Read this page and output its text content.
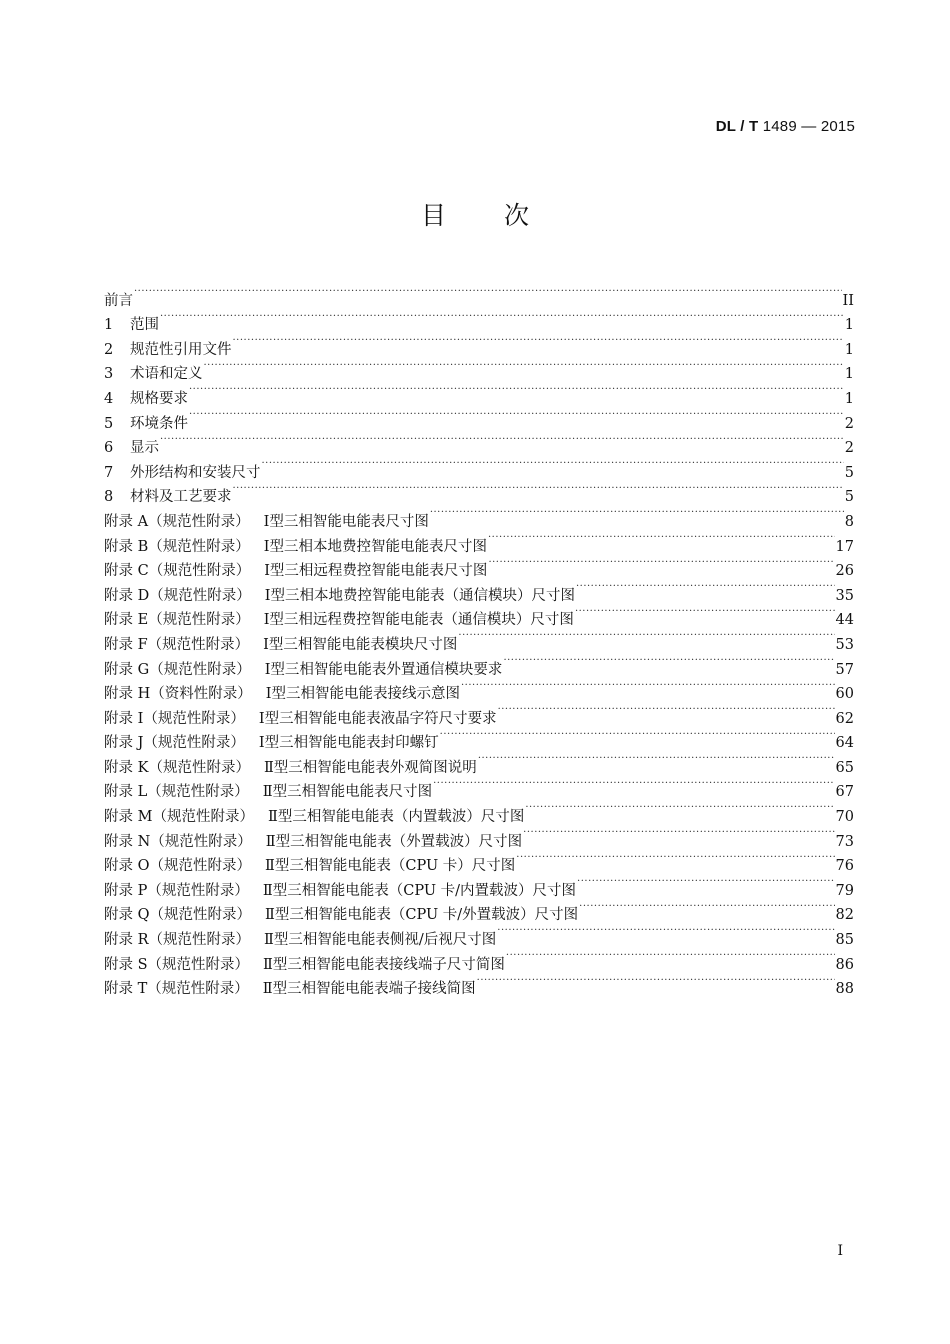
DL / T 1489 — 2015
目次
前言 ·····	II
1	范围 ·····	1
2	规范性引用文件 ·····	1
3	术语和定义 ·····	1
4	规格要求 ·····	1
5	环境条件 ·····	2
6	显示 ·····	2
7	外形结构和安装尺寸 ·····	5
8	材料及工艺要求 ·····	5
附录 A（规范性附录） Ⅰ型三相智能电能表尺寸图 ·····	8
附录 B（规范性附录） Ⅰ型三相本地费控智能电能表尺寸图 ·····	17
附录 C（规范性附录） Ⅰ型三相远程费控智能电能表尺寸图 ·····	26
附录 D（规范性附录） Ⅰ型三相本地费控智能电能表（通信模块）尺寸图 ·····	35
附录 E（规范性附录） Ⅰ型三相远程费控智能电能表（通信模块）尺寸图 ·····	44
附录 F（规范性附录） Ⅰ型三相智能电能表模块尺寸图 ·····	53
附录 G（规范性附录） Ⅰ型三相智能电能表外置通信模块要求 ·····	57
附录 H（资料性附录） Ⅰ型三相智能电能表接线示意图 ·····	60
附录 I（规范性附录） Ⅰ型三相智能电能表液晶字符尺寸要求 ·····	62
附录 J（规范性附录） Ⅰ型三相智能电能表封印螺钉 ·····	64
附录 K（规范性附录） Ⅱ型三相智能电能表外观简图说明 ·····	65
附录 L（规范性附录） Ⅱ型三相智能电能表尺寸图 ·····	67
附录 M（规范性附录） Ⅱ型三相智能电能表（内置载波）尺寸图 ·····	70
附录 N（规范性附录） Ⅱ型三相智能电能表（外置载波）尺寸图 ·····	73
附录 O（规范性附录） Ⅱ型三相智能电能表（CPU 卡）尺寸图 ·····	76
附录 P（规范性附录） Ⅱ型三相智能电能表（CPU 卡/内置载波）尺寸图 ·····	79
附录 Q（规范性附录） Ⅱ型三相智能电能表（CPU 卡/外置载波）尺寸图 ·····	82
附录 R（规范性附录） Ⅱ型三相智能电能表侧视/后视尺寸图 ·····	85
附录 S（规范性附录） Ⅱ型三相智能电能表接线端子尺寸简图 ·····	86
附录 T（规范性附录） Ⅱ型三相智能电能表端子接线简图 ·····	88
I
